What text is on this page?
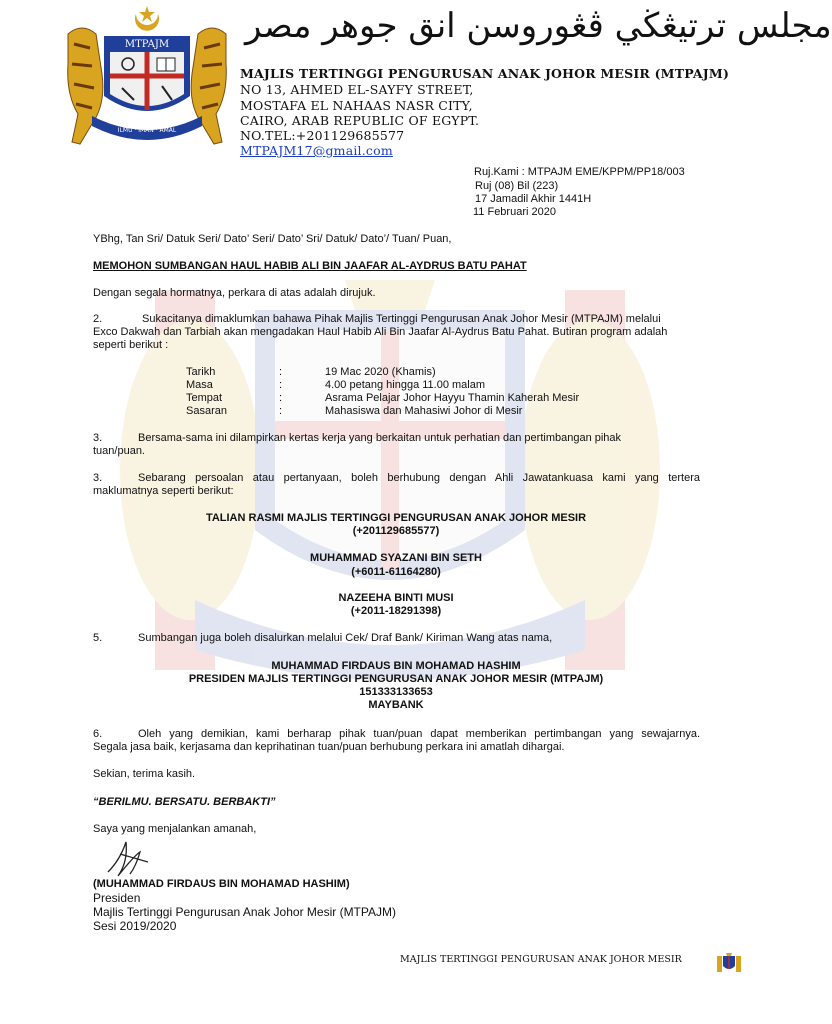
MTPAJM
ILMU · IMAN · AMAL
مجلس ترتيڠڬي ڤڠوروسن انق جوهر مصر
MAJLIS TERTINGGI PENGURUSAN ANAK JOHOR MESIR (MTPAJM)
NO 13, AHMED EL-SAYFY STREET,
MOSTAFA EL NAHAAS NASR CITY,
CAIRO, ARAB REPUBLIC OF EGYPT.
NO.TEL:+201129685577
MTPAJM17@gmail.com
Ruj.Kami : MTPAJM EME/KPPM/PP18/003
Ruj (08) Bil (223)
17 Jamadil Akhir 1441H
11 Februari 2020
YBhg, Tan Sri/ Datuk Seri/ Dato’ Seri/ Dato’ Sri/ Datuk/ Dato’/ Tuan/ Puan,
MEMOHON SUMBANGAN HAUL HABIB ALI BIN JAAFAR AL-AYDRUS BATU PAHAT
Dengan segala hormatnya, perkara di atas adalah dirujuk.
2.	Sukacitanya dimaklumkan bahawa Pihak Majlis Tertinggi Pengurusan Anak Johor Mesir (MTPAJM) melalui
Exco Dakwah dan Tarbiah akan mengadakan Haul Habib Ali Bin Jaafar Al-Aydrus Batu Pahat. Butiran program adalah
seperti berikut :
Tarikh	:	19 Mac 2020 (Khamis)
Masa	:	4.00 petang hingga 11.00 malam
Tempat	:	Asrama Pelajar Johor Hayyu Thamin Kaherah Mesir
Sasaran	:	Mahasiswa dan Mahasiwi Johor di Mesir
3.	Bersama-sama ini dilampirkan kertas kerja yang berkaitan untuk perhatian dan pertimbangan pihak
tuan/puan.
3.	Sebarang persoalan atau pertanyaan, boleh berhubung dengan Ahli Jawatankuasa kami yang tertera
maklumatnya seperti berikut:
TALIAN RASMI MAJLIS TERTINGGI PENGURUSAN ANAK JOHOR MESIR
(+201129685577)
MUHAMMAD SYAZANI BIN SETH
(+6011-61164280)
NAZEEHA BINTI MUSI
(+2011-18291398)
5.	Sumbangan juga boleh disalurkan melalui Cek/ Draf Bank/ Kiriman Wang atas nama,
MUHAMMAD FIRDAUS BIN MOHAMAD HASHIM
PRESIDEN MAJLIS TERTINGGI PENGURUSAN ANAK JOHOR MESIR (MTPAJM)
151333133653
MAYBANK
6.	Oleh yang demikian, kami berharap pihak tuan/puan dapat memberikan pertimbangan yang sewajarnya.
Segala jasa baik, kerjasama dan keprihatinan tuan/puan berhubung perkara ini amatlah dihargai.
Sekian, terima kasih.
“BERILMU. BERSATU. BERBAKTI”
Saya yang menjalankan amanah,
(MUHAMMAD FIRDAUS BIN MOHAMAD HASHIM)
Presiden
Majlis Tertinggi Pengurusan Anak Johor Mesir (MTPAJM)
Sesi 2019/2020
MAJLIS TERTINGGI PENGURUSAN ANAK JOHOR MESIR
